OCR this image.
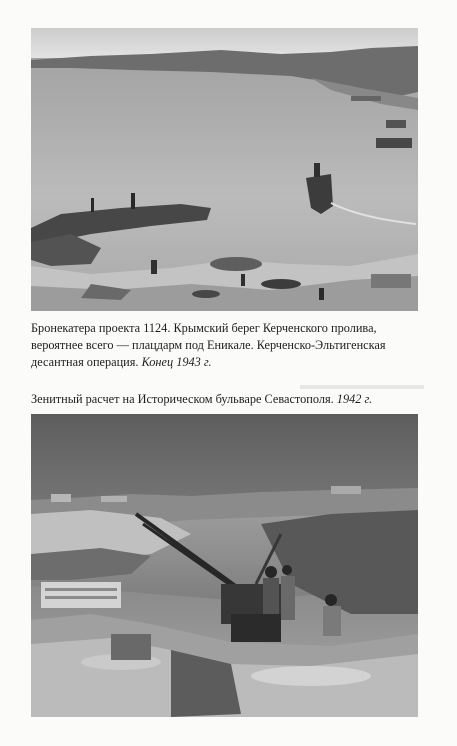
Бронекатера проекта 1124. Крымский берег Керченского пролива,
вероятнее всего — плацдарм под Еникале. Керченско-Эльтигенская
десантная операция. Конец 1943 г.

Зенитный расчет на Историческом бульваре Севастополя. 1942 г.
